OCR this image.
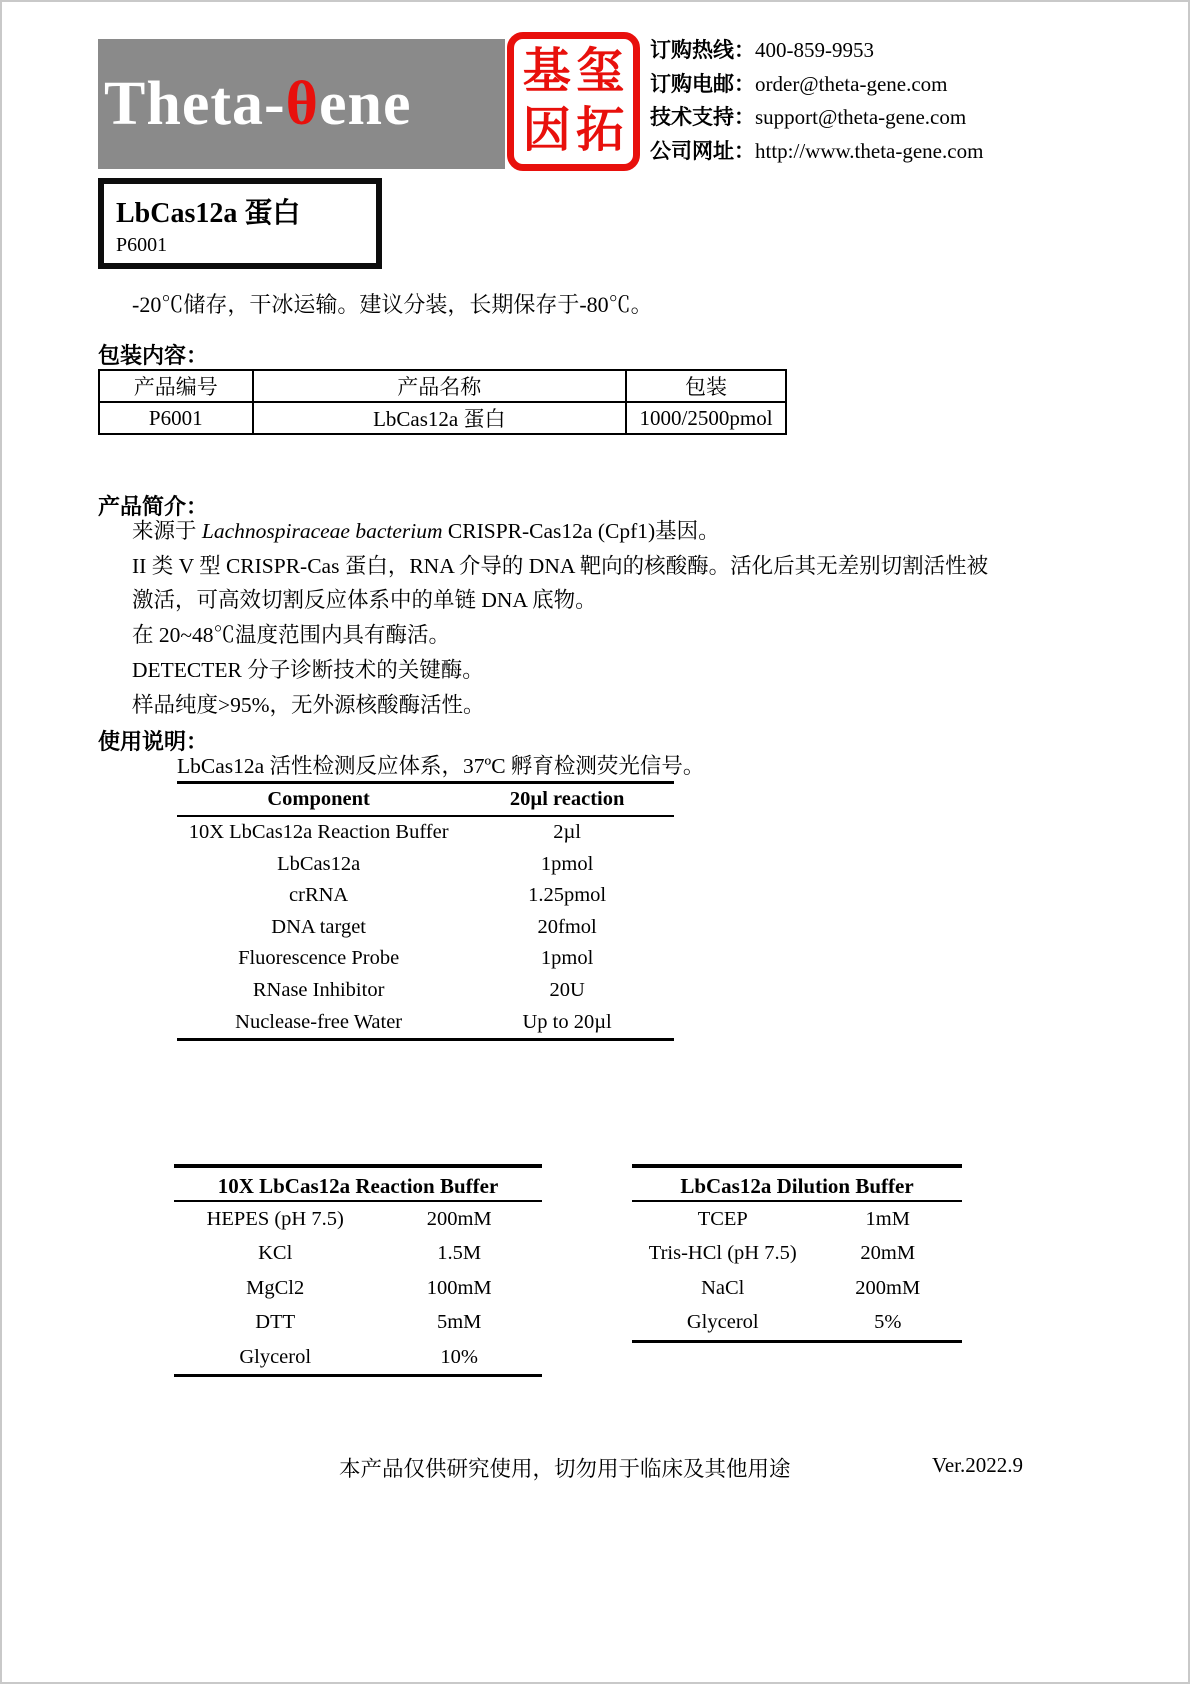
Theta-θene 基 玺
因 拓
订购热线：400-859-9953
订购电邮：order@theta-gene.com
技术支持：support@theta-gene.com
公司网址：http://www.theta-gene.com
LbCas12a 蛋白
P6001
-20℃储存，干冰运输。建议分装，长期保存于-80℃。
包装内容：
产品编号	产品名称	包装
P6001	LbCas12a 蛋白	1000/2500pmol
产品简介：
来源于 Lachnospiraceae bacterium CRISPR-Cas12a (Cpf1)基因。
II 类 V 型 CRISPR-Cas 蛋白，RNA 介导的 DNA 靶向的核酸酶。活化后其无差别切割活性被
激活，可高效切割反应体系中的单链 DNA 底物。
在 20~48℃温度范围内具有酶活。
DETECTER 分子诊断技术的关键酶。
样品纯度>95%，无外源核酸酶活性。
使用说明：
LbCas12a 活性检测反应体系，37ºC 孵育检测荧光信号。
Component	20µl reaction
10X LbCas12a Reaction Buffer	2µl
LbCas12a	1pmol
crRNA	1.25pmol
DNA target	20fmol
Fluorescence Probe	1pmol
RNase Inhibitor	20U
Nuclease-free Water	Up to 20µl
10X LbCas12a Reaction Buffer
HEPES (pH 7.5)	200mM
KCl	1.5M
MgCl2	100mM
DTT	5mM
Glycerol	10%
LbCas12a Dilution Buffer
TCEP	1mM
Tris-HCl (pH 7.5)	20mM
NaCl	200mM
Glycerol	5%
本产品仅供研究使用，切勿用于临床及其他用途	Ver.2022.9
